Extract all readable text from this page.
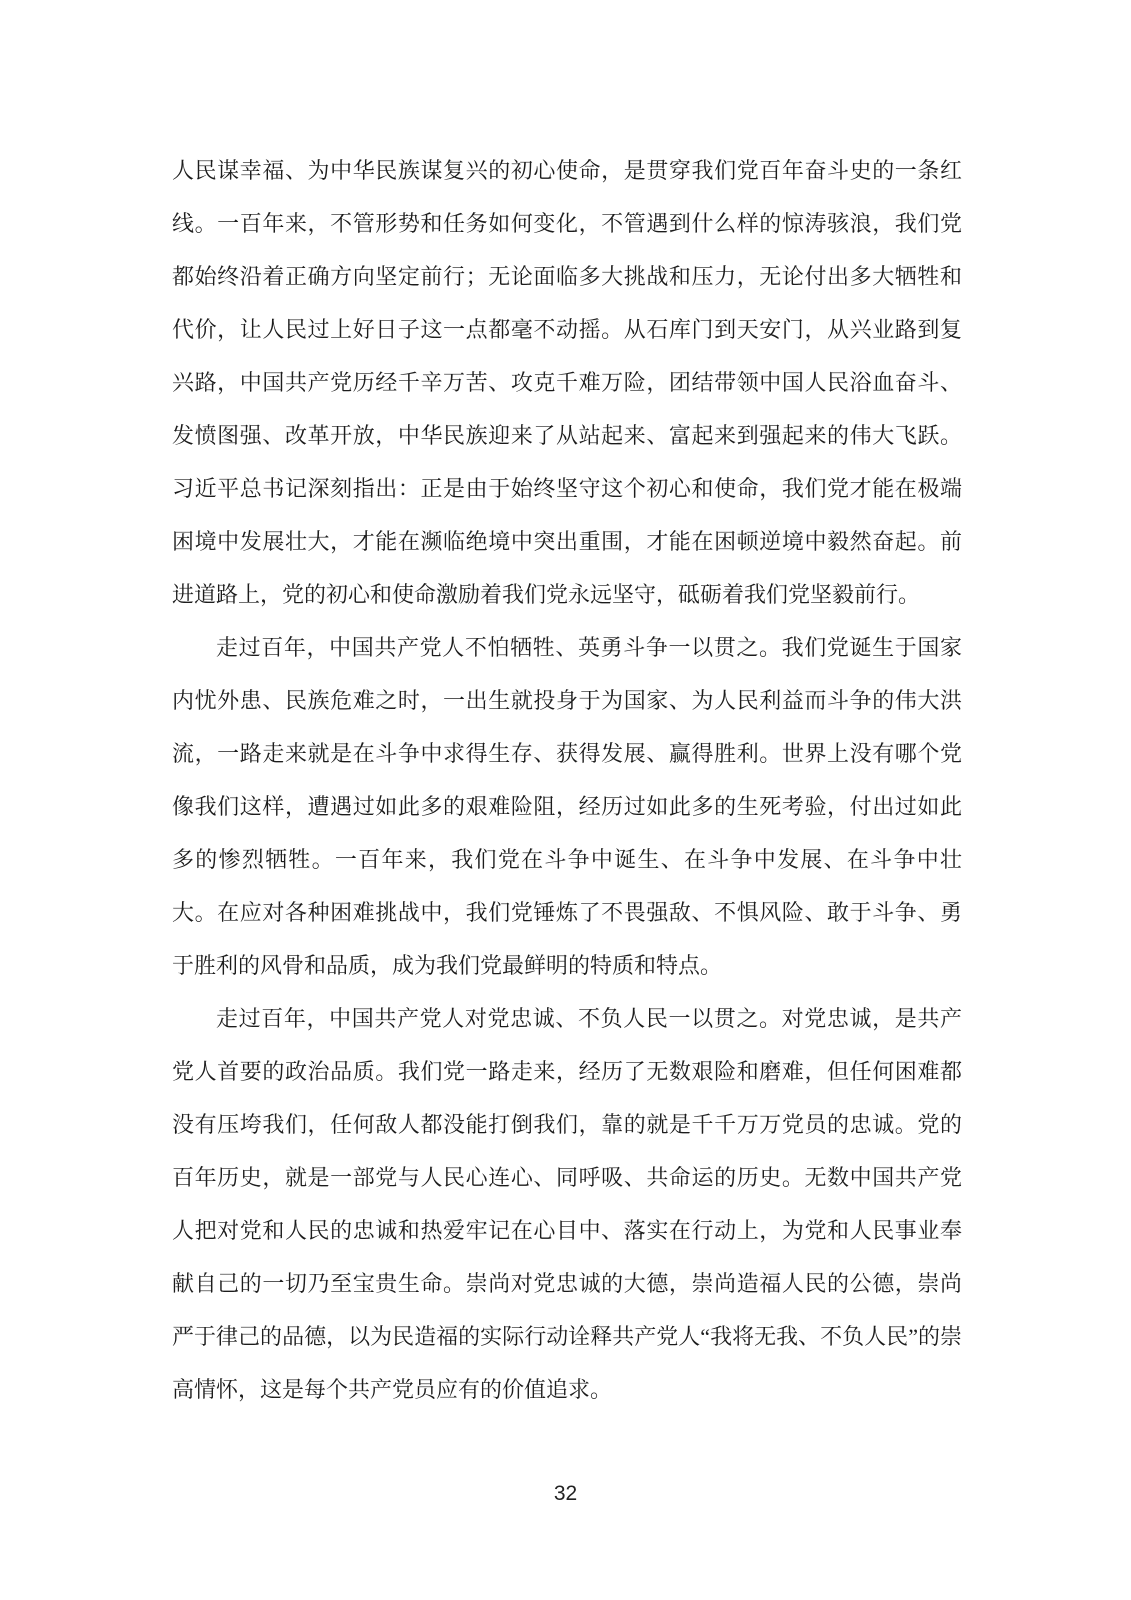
人民谋幸福、为中华民族谋复兴的初心使命，是贯穿我们党百年奋斗史的一条红线。一百年来，不管形势和任务如何变化，不管遇到什么样的惊涛骇浪，我们党都始终沿着正确方向坚定前行；无论面临多大挑战和压力，无论付出多大牺牲和代价，让人民过上好日子这一点都毫不动摇。从石库门到天安门，从兴业路到复兴路，中国共产党历经千辛万苦、攻克千难万险，团结带领中国人民浴血奋斗、发愤图强、改革开放，中华民族迎来了从站起来、富起来到强起来的伟大飞跃。习近平总书记深刻指出：正是由于始终坚守这个初心和使命，我们党才能在极端困境中发展壮大，才能在濒临绝境中突出重围，才能在困顿逆境中毅然奋起。前进道路上，党的初心和使命激励着我们党永远坚守，砥砺着我们党坚毅前行。

走过百年，中国共产党人不怕牺牲、英勇斗争一以贯之。我们党诞生于国家内忧外患、民族危难之时，一出生就投身于为国家、为人民利益而斗争的伟大洪流，一路走来就是在斗争中求得生存、获得发展、赢得胜利。世界上没有哪个党像我们这样，遭遇过如此多的艰难险阻，经历过如此多的生死考验，付出过如此多的惨烈牺牲。一百年来，我们党在斗争中诞生、在斗争中发展、在斗争中壮大。在应对各种困难挑战中，我们党锤炼了不畏强敌、不惧风险、敢于斗争、勇于胜利的风骨和品质，成为我们党最鲜明的特质和特点。

走过百年，中国共产党人对党忠诚、不负人民一以贯之。对党忠诚，是共产党人首要的政治品质。我们党一路走来，经历了无数艰险和磨难，但任何困难都没有压垮我们，任何敌人都没能打倒我们，靠的就是千千万万党员的忠诚。党的百年历史，就是一部党与人民心连心、同呼吸、共命运的历史。无数中国共产党人把对党和人民的忠诚和热爱牢记在心目中、落实在行动上，为党和人民事业奉献自己的一切乃至宝贵生命。崇尚对党忠诚的大德，崇尚造福人民的公德，崇尚严于律己的品德，以为民造福的实际行动诠释共产党人“我将无我、不负人民”的崇高情怀，这是每个共产党员应有的价值追求。

32
